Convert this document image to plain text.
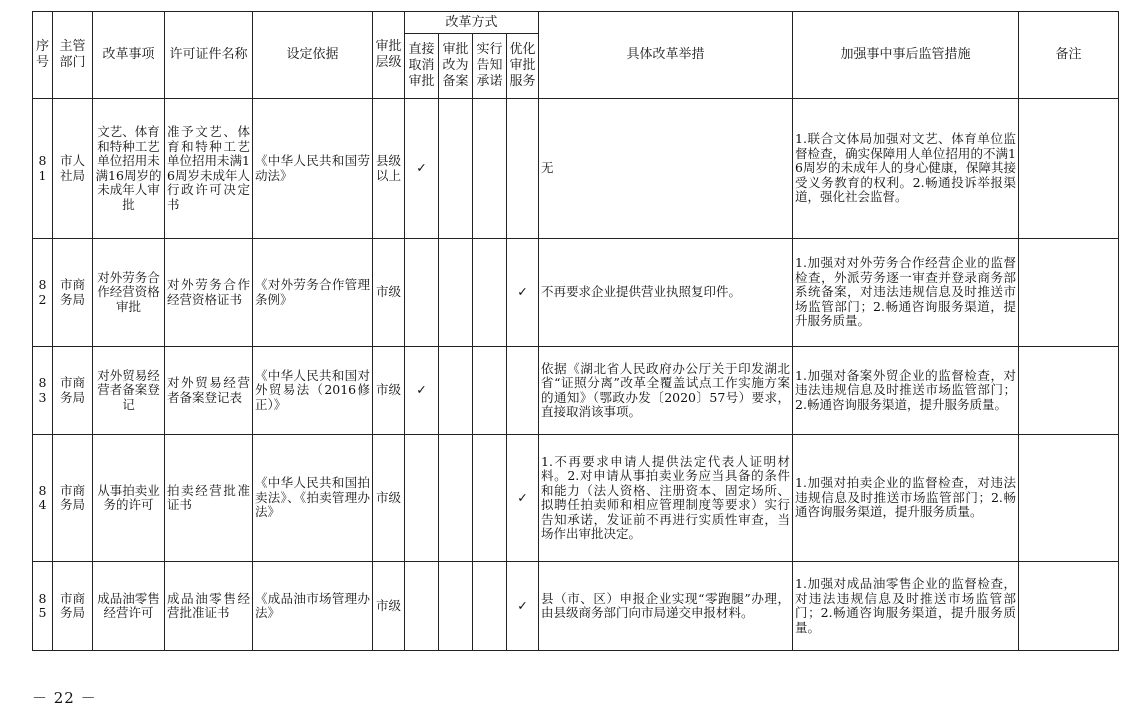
序号	主管部门	改革事项	许可证件名称	设定依据	审批层级	改革方式				具体改革举措	加强事中事后监管措施	备注
						直接取消审批	审批改为备案	实行告知承诺	优化审批服务			
81	市人社局	文艺、体育和特种工艺单位招用未满16周岁的未成年人审批	准予文艺、体育和特种工艺单位招用未满16周岁未成年人行政许可决定书	《中华人民共和国劳动法》	县级以上	✓				无	1.联合文体局加强对文艺、体育单位监督检查，确实保障用人单位招用的不满16周岁的未成年人的身心健康，保障其接受义务教育的权利。2.畅通投诉举报渠道，强化社会监督。	
82	市商务局	对外劳务合作经营资格审批	对外劳务合作经营资格证书	《对外劳务合作管理条例》	市级				✓	不再要求企业提供营业执照复印件。	1.加强对对外劳务合作经营企业的监督检查，外派劳务逐一审查并登录商务部系统备案，对违法违规信息及时推送市场监管部门；2.畅通咨询服务渠道，提升服务质量。	
83	市商务局	对外贸易经营者备案登记	对外贸易经营者备案登记表	《中华人民共和国对外贸易法（2016修正）》	市级	✓				依据《湖北省人民政府办公厅关于印发湖北省“证照分离”改革全覆盖试点工作实施方案的通知》（鄂政办发〔2020〕57号）要求，直接取消该事项。	1.加强对备案外贸企业的监督检查，对违法违规信息及时推送市场监管部门；2.畅通咨询服务渠道，提升服务质量。	
84	市商务局	从事拍卖业务的许可	拍卖经营批准证书	《中华人民共和国拍卖法》、《拍卖管理办法》	市级				✓	1.不再要求申请人提供法定代表人证明材料。2.对申请从事拍卖业务应当具备的条件和能力（法人资格、注册资本、固定场所、拟聘任拍卖师和相应管理制度等要求）实行告知承诺，发证前不再进行实质性审查，当场作出审批决定。	1.加强对拍卖企业的监督检查，对违法违规信息及时推送市场监管部门；2.畅通咨询服务渠道，提升服务质量。	
85	市商务局	成品油零售经营许可	成品油零售经营批准证书	《成品油市场管理办法》	市级				✓	县（市、区）申报企业实现“零跑腿”办理，由县级商务部门向市局递交申报材料。	1.加强对成品油零售企业的监督检查，对违法违规信息及时推送市场监管部门；2.畅通咨询服务渠道，提升服务质量。	
－ 22 －
